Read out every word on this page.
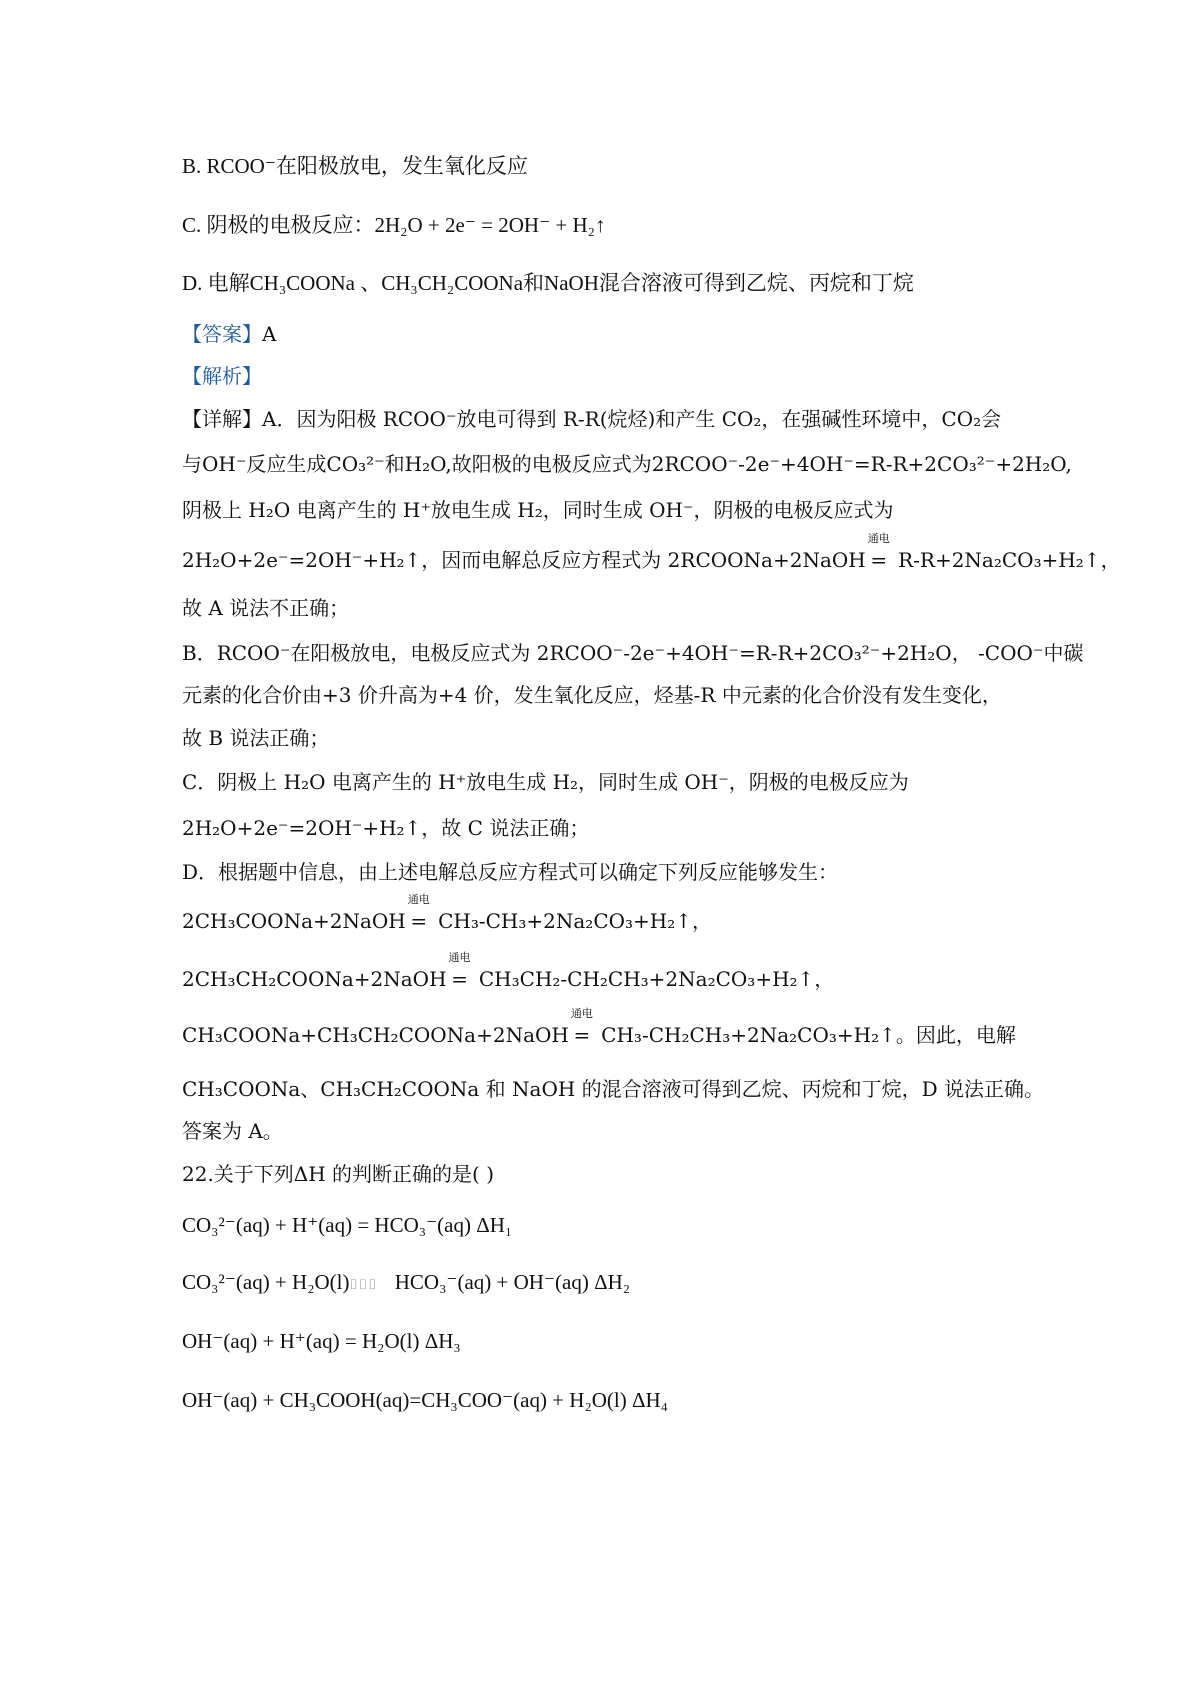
B. RCOO⁻在阳极放电，发生氧化反应
C. 阴极的电极反应：2H₂O + 2e⁻ = 2OH⁻ + H₂↑
D. 电解CH₃COONa 、CH₃CH₂COONa和NaOH混合溶液可得到乙烷、丙烷和丁烷
【答案】A
【解析】
【详解】A．因为阳极 RCOO⁻放电可得到 R-R(烷烃)和产生 CO₂，在强碱性环境中，CO₂会
与OH⁻反应生成CO₃²⁻和H₂O,故阳极的电极反应式为2RCOO⁻-2e⁻+4OH⁻=R-R+2CO₃²⁻+2H₂O,
阴极上 H₂O 电离产生的 H⁺放电生成 H₂，同时生成 OH⁻，阴极的电极反应式为
2H₂O+2e⁻=2OH⁻+H₂↑，因而电解总反应方程式为 2RCOONa+2NaOH
通电
= R-R+2Na₂CO₃+H₂↑，
故 A 说法不正确；
B．RCOO⁻在阳极放电，电极反应式为 2RCOO⁻-2e⁻+4OH⁻=R-R+2CO₃²⁻+2H₂O， -COO⁻中碳
元素的化合价由+3 价升高为+4 价，发生氧化反应，烃基-R 中元素的化合价没有发生变化，
故 B 说法正确；
C．阴极上 H₂O 电离产生的 H⁺放电生成 H₂，同时生成 OH⁻，阴极的电极反应为
2H₂O+2e⁻=2OH⁻+H₂↑，故 C 说法正确；
D．根据题中信息，由上述电解总反应方程式可以确定下列反应能够发生：
2CH₃COONa+2NaOH
通电
= CH₃-CH₃+2Na₂CO₃+H₂↑，
2CH₃CH₂COONa+2NaOH
通电
= CH₃CH₂-CH₂CH₃+2Na₂CO₃+H₂↑，
CH₃COONa+CH₃CH₂COONa+2NaOH
通电
= CH₃-CH₂CH₃+2Na₂CO₃+H₂↑。因此，电解
CH₃COONa、CH₃CH₂COONa 和 NaOH 的混合溶液可得到乙烷、丙烷和丁烷，D 说法正确。
答案为 A。
22.关于下列ΔH 的判断正确的是( )
CO₃²⁻(aq) + H⁺(aq) = HCO₃⁻(aq) ΔH₁
CO₃²⁻(aq) + H₂O(l)⌷⌷⌷ HCO₃⁻(aq) + OH⁻(aq) ΔH₂
OH⁻(aq) + H⁺(aq) = H₂O(l) ΔH₃
OH⁻(aq) + CH₃COOH(aq)=CH₃COO⁻(aq) + H₂O(l) ΔH₄
